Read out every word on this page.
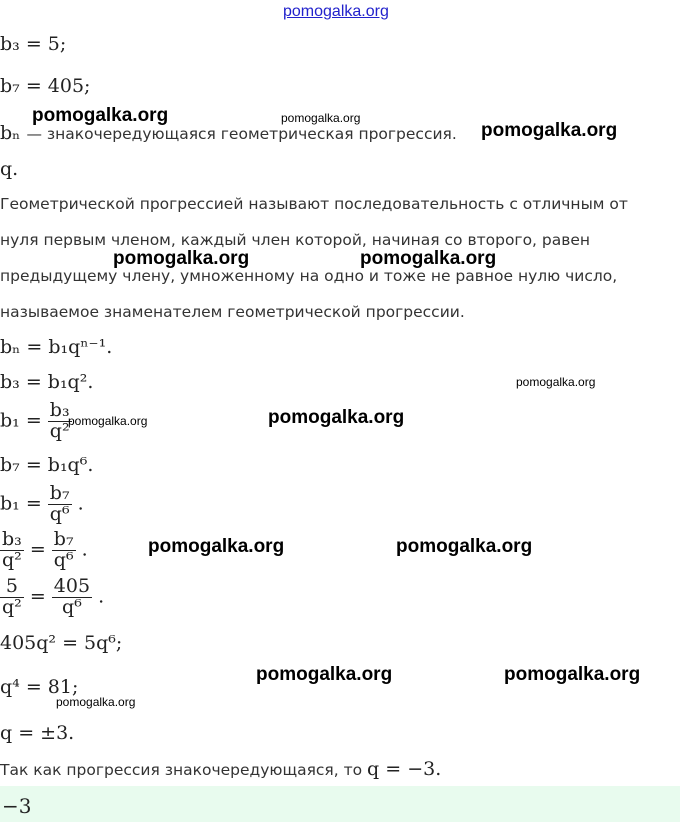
pomogalka.org
b₃ = 5;
b₇ = 405;
pomogalka.org	pomogalka.org
bₙ — знакочередующаяся геометрическая прогрессия. pomogalka.org
q.
Геометрической прогрессией называют последовательность с отличным от
нуля первым членом, каждый член которой, начиная со второго, равен
pomogalka.org	pomogalka.org
предыдущему члену, умноженному на одно и тоже не равное нулю число,
называемое знаменателем геометрической прогрессии.
bₙ = b₁qⁿ⁻¹.
b₃ = b₁q².	pomogalka.org
$b_1 = \frac{\text{b₃}}{\text{q²}}$
pomogalka.org	pomogalka.org
b₇ = b₁q⁶.
$b_1 = \frac{\text{b₇}}{\text{q⁶}}$ .
$\frac{\text{b₃}}{\text{q²}} = \frac{\text{b₇}}{\text{q⁶}}$ .	pomogalka.org	pomogalka.org
$\frac{5}{\text{q²}} = \frac{405}{\text{q⁶}}$ .
405q² = 5q⁶;
pomogalka.org	pomogalka.org
q⁴ = 81;
pomogalka.org
q = ±3.
Так как прогрессия знакочередующаяся, то q = −3.
−3
